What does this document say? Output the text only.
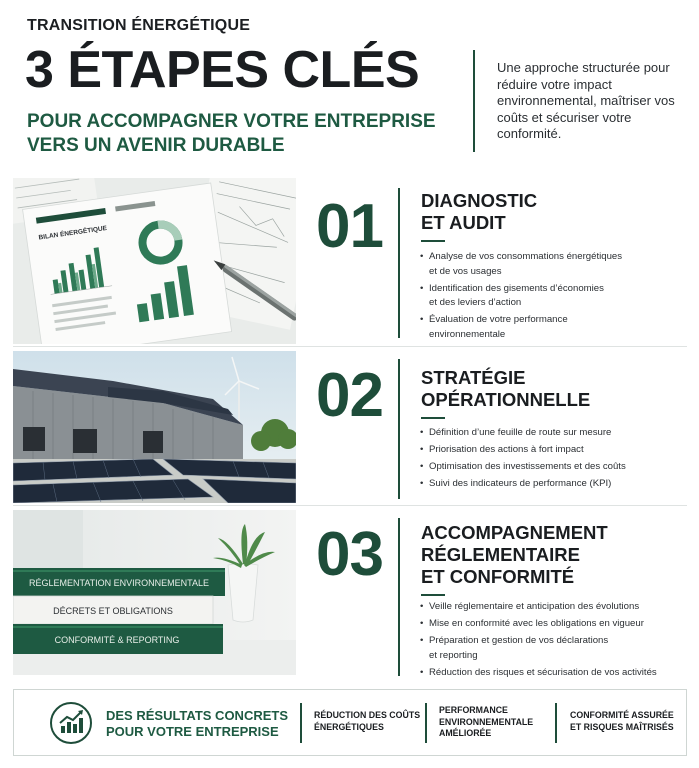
TRANSITION ÉNERGÉTIQUE
3 ÉTAPES CLÉS
POUR ACCOMPAGNER VOTRE ENTREPRISE
VERS UN AVENIR DURABLE
Une approche structurée pour réduire votre impact environnemental, maîtriser vos coûts et sécuriser votre conformité.
BILAN ÉNERGÉTIQUE	01 DIAGNOSTIC
ET AUDIT
• Analyse de vos consommations énergétiques
et de vos usages
• Identification des gisements d’économies
et des leviers d’action
• Évaluation de votre performance
environnementale
02 STRATÉGIE
OPÉRATIONNELLE
• Définition d’une feuille de route sur mesure
• Priorisation des actions à fort impact
• Optimisation des investissements et des coûts
• Suivi des indicateurs de performance (KPI)
RÉGLEMENTATION ENVIRONNEMENTALE
DÉCRETS ET OBLIGATIONS
CONFORMITÉ & REPORTING
03 ACCOMPAGNEMENT
RÉGLEMENTAIRE
ET CONFORMITÉ
• Veille réglementaire et anticipation des évolutions
• Mise en conformité avec les obligations en vigueur
• Préparation et gestion de vos déclarations
et reporting
• Réduction des risques et sécurisation de vos activités
DES RÉSULTATS CONCRETS
POUR VOTRE ENTREPRISE
RÉDUCTION DES COÛTS
ÉNERGÉTIQUES
PERFORMANCE
ENVIRONNEMENTALE
AMÉLIORÉE
CONFORMITÉ ASSURÉE
ET RISQUES MAÎTRISÉS
